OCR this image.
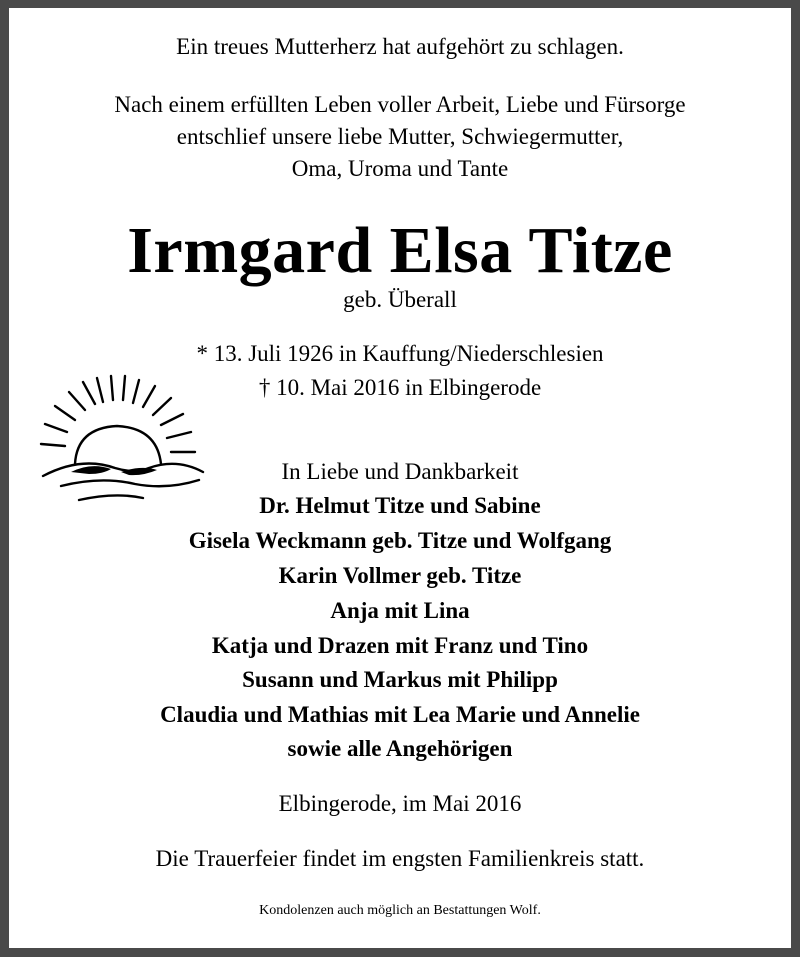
Ein treues Mutterherz hat aufgehört zu schlagen.
Nach einem erfüllten Leben voller Arbeit, Liebe und Fürsorge
entschlief unsere liebe Mutter, Schwiegermutter,
Oma, Uroma und Tante
Irmgard Elsa Titze
geb. Überall
* 13. Juli 1926 in Kauffung/Niederschlesien
† 10. Mai 2016 in Elbingerode
In Liebe und Dankbarkeit
Dr. Helmut Titze und Sabine
Gisela Weckmann geb. Titze und Wolfgang
Karin Vollmer geb. Titze
Anja mit Lina
Katja und Drazen mit Franz und Tino
Susann und Markus mit Philipp
Claudia und Mathias mit Lea Marie und Annelie
sowie alle Angehörigen
Elbingerode, im Mai 2016
Die Trauerfeier findet im engsten Familienkreis statt.
Kondolenzen auch möglich an Bestattungen Wolf.
